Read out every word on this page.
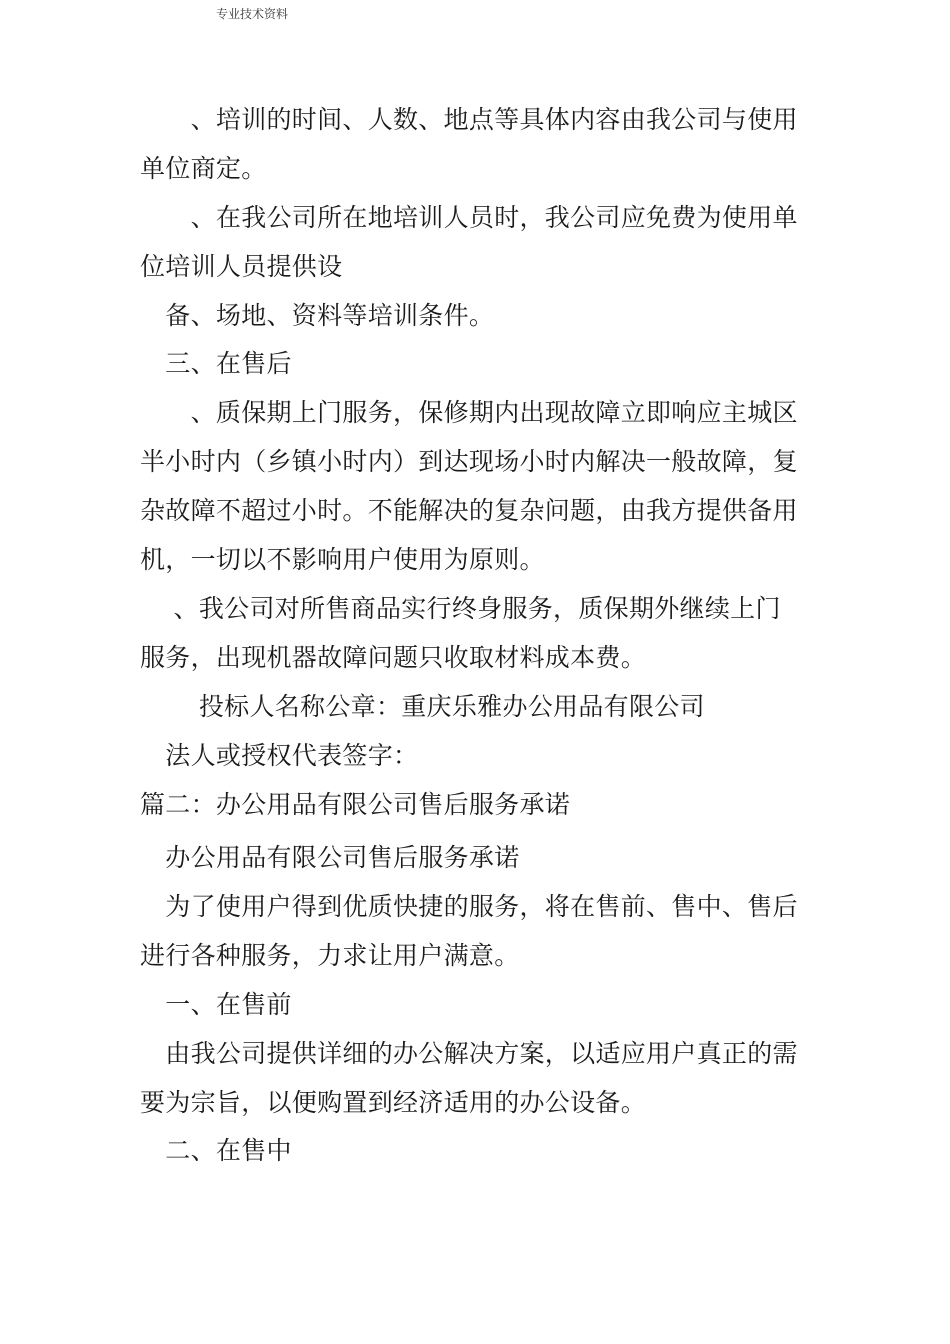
专业技术资料
　　、培训的时间、人数、地点等具体内容由我公司与使用
单位商定。
　　、在我公司所在地培训人员时，我公司应免费为使用单
位培训人员提供设
　备、场地、资料等培训条件。
　三、在售后
　　、质保期上门服务，保修期内出现故障立即响应主城区
半小时内（乡镇小时内）到达现场小时内解决一般故障，复
杂故障不超过小时。不能解决的复杂问题，由我方提供备用
机，一切以不影响用户使用为原则。
　 、我公司对所售商品实行终身服务，质保期外继续上门
服务，出现机器故障问题只收取材料成本费。
　 　投标人名称公章：重庆乐雅办公用品有限公司
　法人或授权代表签字：
篇二：办公用品有限公司售后服务承诺
　办公用品有限公司售后服务承诺
　为了使用户得到优质快捷的服务，将在售前、售中、售后
进行各种服务，力求让用户满意。
　一、在售前
　由我公司提供详细的办公解决方案，以适应用户真正的需
要为宗旨，以便购置到经济适用的办公设备。
　二、在售中
